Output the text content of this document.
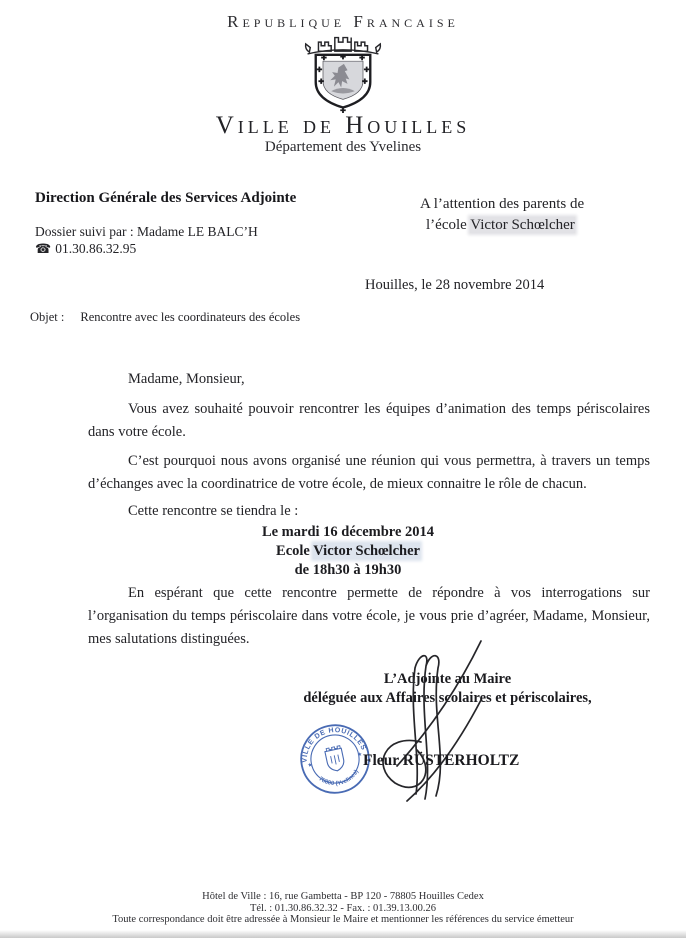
Republique Francaise
Ville de Houilles
Département des Yvelines
Direction Générale des Services Adjointe
Dossier suivi par : Madame LE BALC’H
☎ 01.30.86.32.95
A l’attention des parents de
l’école Victor Schœlcher
Houilles, le 28 novembre 2014
Objet : Rencontre avec les coordinateurs des écoles

Madame, Monsieur,

Vous avez souhaité pouvoir rencontrer les équipes d’animation des temps périscolaires dans votre école.

C’est pourquoi nous avons organisé une réunion qui vous permettra, à travers un temps d’échanges avec la coordinatrice de votre école, de mieux connaitre le rôle de chacun.

Cette rencontre se tiendra le :

Le mardi 16 décembre 2014
Ecole Victor Schœlcher
de 18h30 à 19h30

En espérant que cette rencontre permette de répondre à vos interrogations sur l’organisation du temps périscolaire dans votre école, je vous prie d’agréer, Madame, Monsieur, mes salutations distinguées.

L’Adjointe au Maire
déléguée aux Affaires scolaires et périscolaires,
VILLE DE HOUILLES
78800 (Yvelines)
★
★ Fleur RÜSTERHOLTZ
Hôtel de Ville : 16, rue Gambetta - BP 120 - 78805 Houilles Cedex
Tél. : 01.30.86.32.32 - Fax. : 01.39.13.00.26
Toute correspondance doit être adressée à Monsieur le Maire et mentionner les références du service émetteur
